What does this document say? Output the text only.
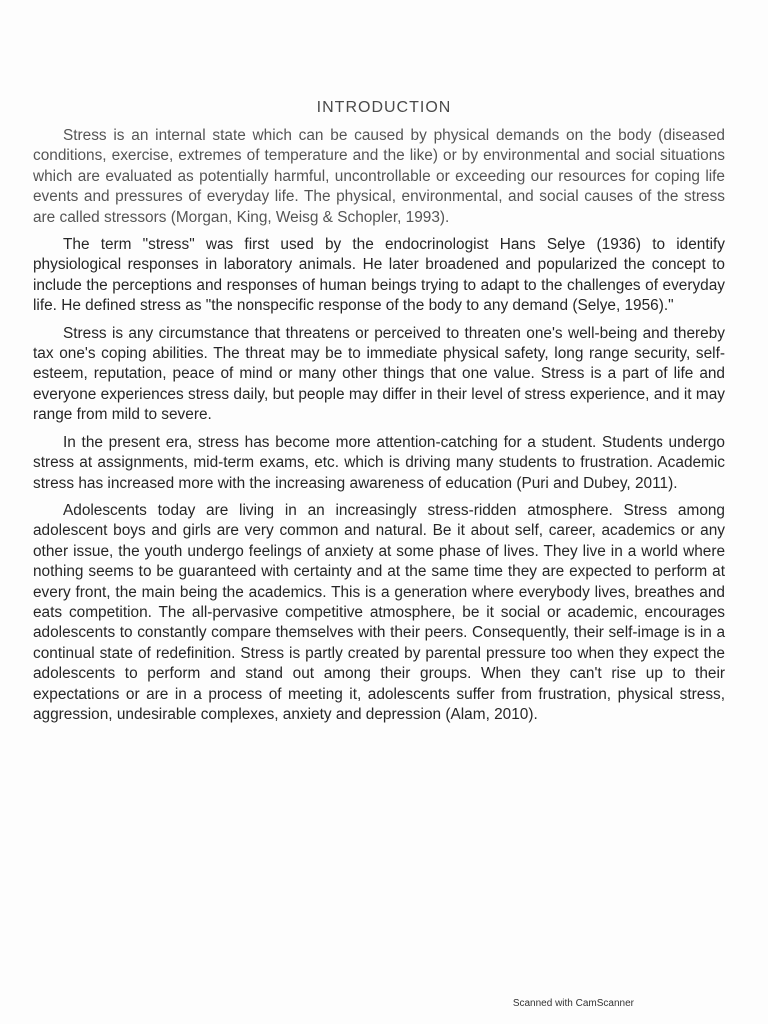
INTRODUCTION

Stress is an internal state which can be caused by physical demands on the body (diseased conditions, exercise, extremes of temperature and the like) or by environmental and social situations which are evaluated as potentially harmful, uncontrollable or exceeding our resources for coping life events and pressures of everyday life. The physical, environmental, and social causes of the stress are called stressors (Morgan, King, Weisg & Schopler, 1993).

The term "stress" was first used by the endocrinologist Hans Selye (1936) to identify physiological responses in laboratory animals. He later broadened and popularized the concept to include the perceptions and responses of human beings trying to adapt to the challenges of everyday life. He defined stress as "the nonspecific response of the body to any demand (Selye, 1956)."

Stress is any circumstance that threatens or perceived to threaten one's well-being and thereby tax one's coping abilities. The threat may be to immediate physical safety, long range security, self-esteem, reputation, peace of mind or many other things that one value. Stress is a part of life and everyone experiences stress daily, but people may differ in their level of stress experience, and it may range from mild to severe.

In the present era, stress has become more attention-catching for a student. Students undergo stress at assignments, mid-term exams, etc. which is driving many students to frustration. Academic stress has increased more with the increasing awareness of education (Puri and Dubey, 2011).

Adolescents today are living in an increasingly stress-ridden atmosphere. Stress among adolescent boys and girls are very common and natural. Be it about self, career, academics or any other issue, the youth undergo feelings of anxiety at some phase of lives. They live in a world where nothing seems to be guaranteed with certainty and at the same time they are expected to perform at every front, the main being the academics. This is a generation where everybody lives, breathes and eats competition. The all-pervasive competitive atmosphere, be it social or academic, encourages adolescents to constantly compare themselves with their peers. Consequently, their self-image is in a continual state of redefinition. Stress is partly created by parental pressure too when they expect the adolescents to perform and stand out among their groups. When they can't rise up to their expectations or are in a process of meeting it, adolescents suffer from frustration, physical stress, aggression, undesirable complexes, anxiety and depression (Alam, 2010).

Scanned with CamScanner
